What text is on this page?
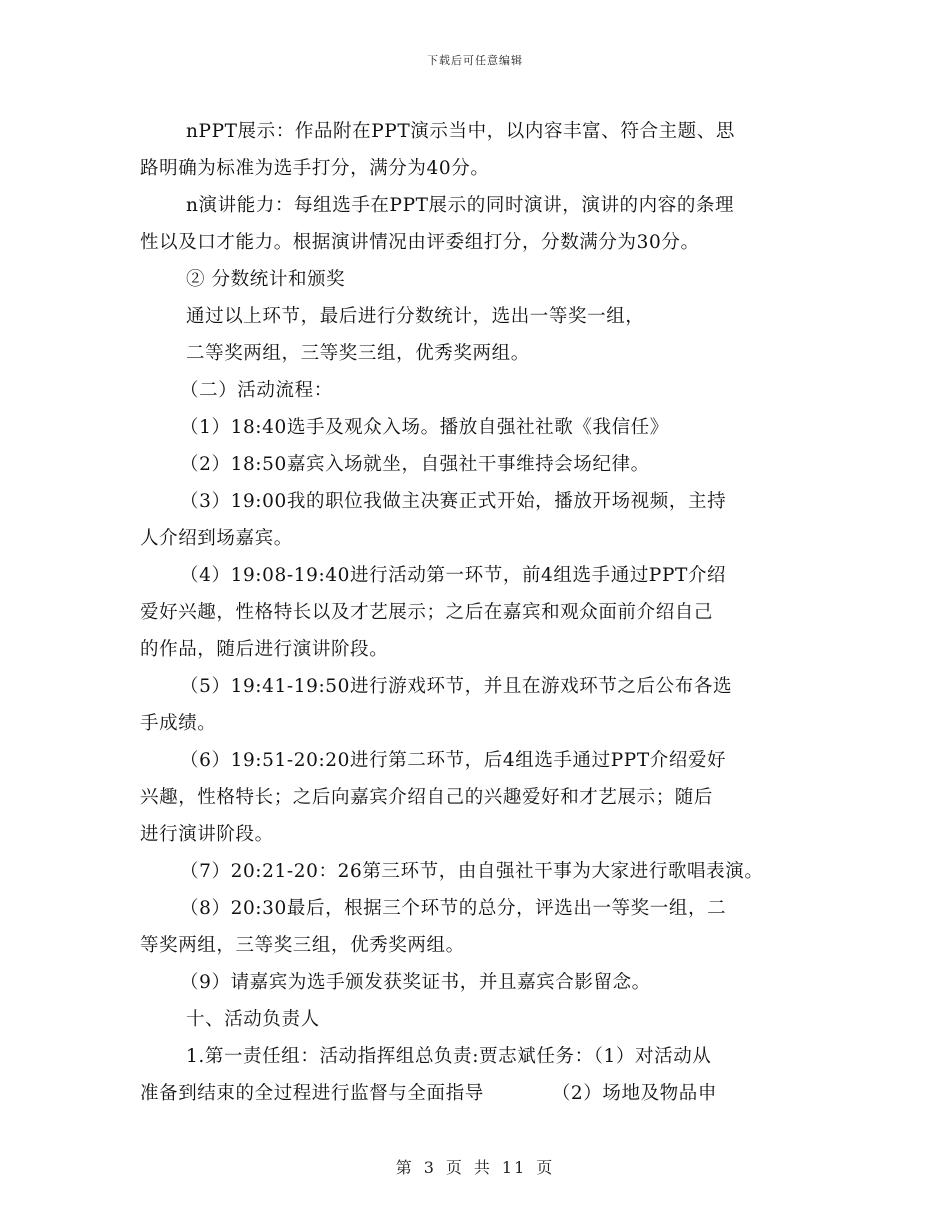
下载后可任意编辑
nPPT展示：作品附在PPT演示当中，以内容丰富、符合主题、思
路明确为标准为选手打分，满分为40分。
n演讲能力：每组选手在PPT展示的同时演讲，演讲的内容的条理
性以及口才能力。根据演讲情况由评委组打分，分数满分为30分。
② 分数统计和颁奖
通过以上环节，最后进行分数统计，选出一等奖一组，
二等奖两组，三等奖三组，优秀奖两组。
（二）活动流程：
（1）18:40选手及观众入场。播放自强社社歌《我信任》
（2）18:50嘉宾入场就坐，自强社干事维持会场纪律。
（3）19:00我的职位我做主决赛正式开始，播放开场视频，主持
人介绍到场嘉宾。
（4）19:08-19:40进行活动第一环节，前4组选手通过PPT介绍
爱好兴趣，性格特长以及才艺展示；之后在嘉宾和观众面前介绍自己
的作品，随后进行演讲阶段。
（5）19:41-19:50进行游戏环节，并且在游戏环节之后公布各选
手成绩。
（6）19:51-20:20进行第二环节，后4组选手通过PPT介绍爱好
兴趣，性格特长；之后向嘉宾介绍自己的兴趣爱好和才艺展示；随后
进行演讲阶段。
（7）20:21-20：26第三环节，由自强社干事为大家进行歌唱表演。
（8）20:30最后，根据三个环节的总分，评选出一等奖一组，二
等奖两组，三等奖三组，优秀奖两组。
（9）请嘉宾为选手颁发获奖证书，并且嘉宾合影留念。
十、活动负责人
1.第一责任组：活动指挥组总负责:贾志斌任务：（1）对活动从
准备到结束的全过程进行监督与全面指导	（2）场地及物品申
第 3 页 共 11 页
